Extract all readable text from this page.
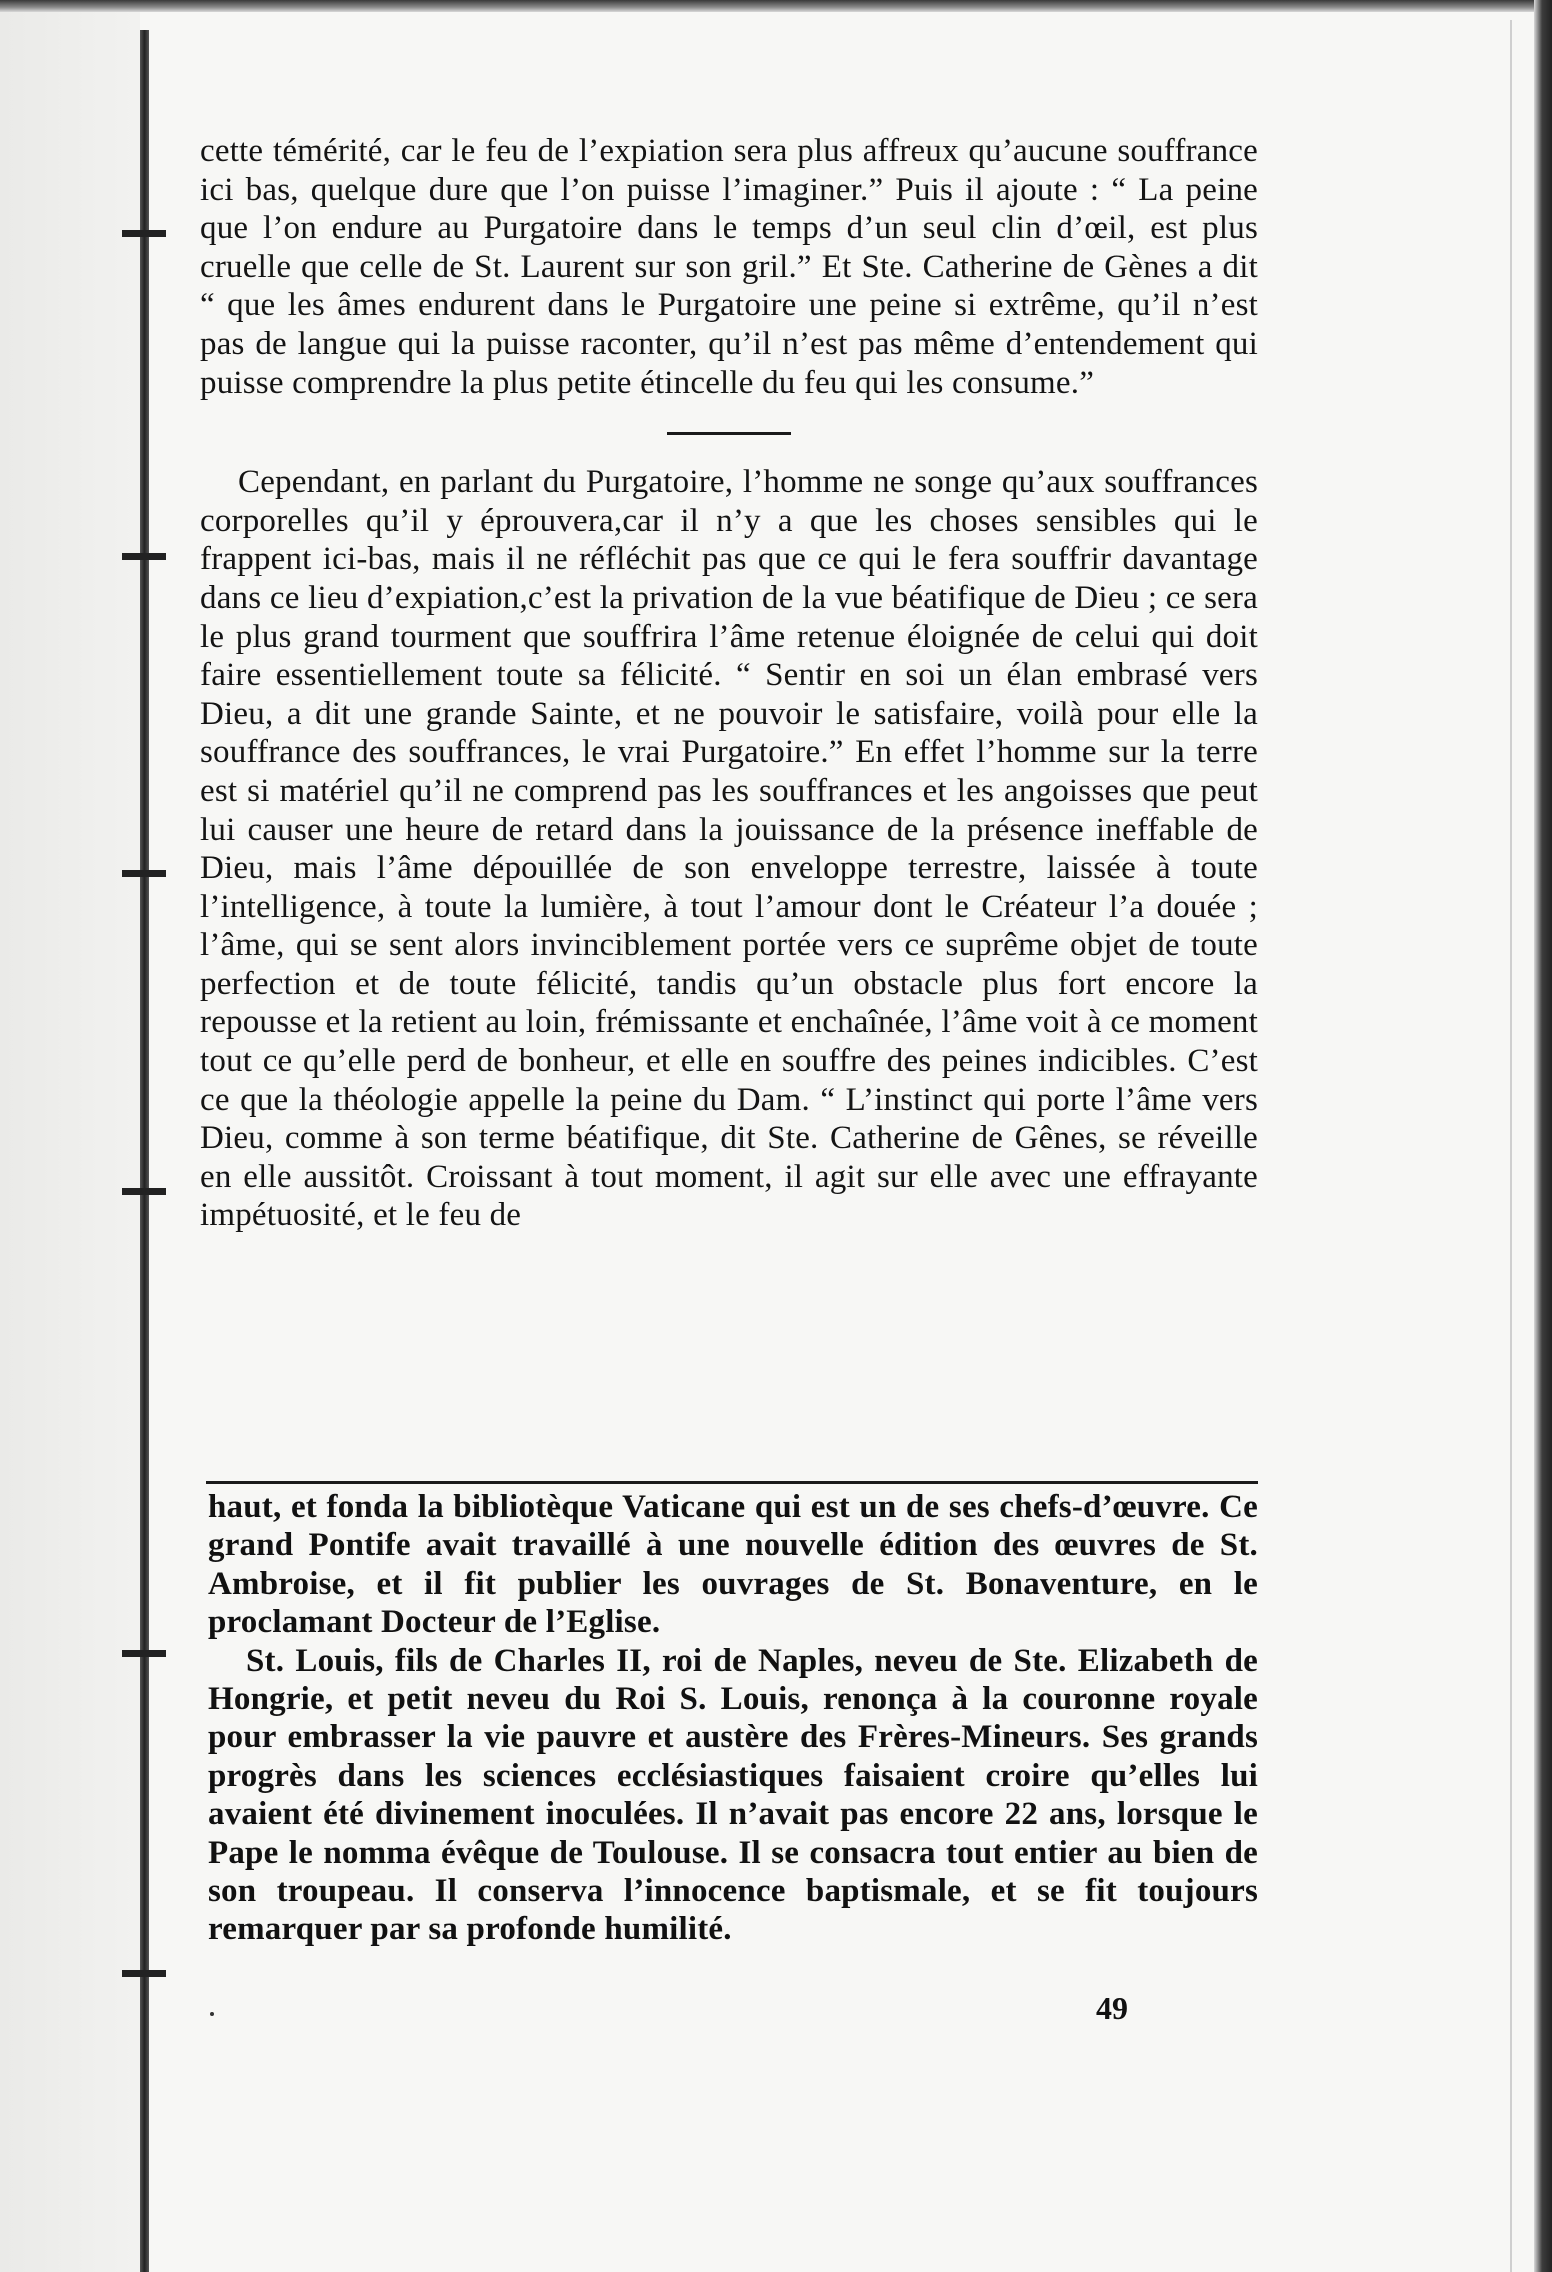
cette témérité, car le feu de l’expiation sera plus affreux qu’aucune souffrance ici bas, quelque dure que l’on puisse l’imaginer.” Puis il ajoute : “ La peine que l’on endure au Purgatoire dans le temps d’un seul clin d’œil, est plus cruelle que celle de St. Laurent sur son gril.” Et Ste. Catherine de Gènes a dit “ que les âmes endurent dans le Purgatoire une peine si extrême, qu’il n’est pas de langue qui la puisse raconter, qu’il n’est pas même d’entendement qui puisse comprendre la plus petite étincelle du feu qui les consume.”

Cependant, en parlant du Purgatoire, l’homme ne songe qu’aux souffrances corporelles qu’il y éprouvera,car il n’y a que les choses sensibles qui le frappent ici-bas, mais il ne réfléchit pas que ce qui le fera souffrir davantage dans ce lieu d’expiation,c’est la privation de la vue béatifique de Dieu ; ce sera le plus grand tourment que souffrira l’âme retenue éloignée de celui qui doit faire essentiellement toute sa félicité. “ Sentir en soi un élan embrasé vers Dieu, a dit une grande Sainte, et ne pouvoir le satisfaire, voilà pour elle la souffrance des souffrances, le vrai Purgatoire.” En effet l’homme sur la terre est si matériel qu’il ne comprend pas les souffrances et les angoisses que peut lui causer une heure de retard dans la jouissance de la présence ineffable de Dieu, mais l’âme dépouillée de son enveloppe terrestre, laissée à toute l’intelligence, à toute la lumière, à tout l’amour dont le Créateur l’a douée ; l’âme, qui se sent alors invinciblement portée vers ce suprême objet de toute perfection et de toute félicité, tandis qu’un obstacle plus fort encore la repousse et la retient au loin, frémissante et enchaînée, l’âme voit à ce moment tout ce qu’elle perd de bonheur, et elle en souffre des peines indicibles. C’est ce que la théologie appelle la peine du Dam. “ L’instinct qui porte l’âme vers Dieu, comme à son terme béatifique, dit Ste. Catherine de Gênes, se réveille en elle aussitôt. Croissant à tout moment, il agit sur elle avec une effrayante impétuosité, et le feu de

haut, et fonda la bibliotèque Vaticane qui est un de ses chefs-d’œuvre. Ce grand Pontife avait travaillé à une nouvelle édition des œuvres de St. Ambroise, et il fit publier les ouvrages de St. Bonaventure, en le proclamant Docteur de l’Eglise.

St. Louis, fils de Charles II, roi de Naples, neveu de Ste. Elizabeth de Hongrie, et petit neveu du Roi S. Louis, renonça à la couronne royale pour embrasser la vie pauvre et austère des Frères-Mineurs. Ses grands progrès dans les sciences ecclésiastiques faisaient croire qu’elles lui avaient été divinement inoculées. Il n’avait pas encore 22 ans, lorsque le Pape le nomma évêque de Toulouse. Il se consacra tout entier au bien de son troupeau. Il conserva l’innocence baptismale, et se fit toujours remarquer par sa profonde humilité.

49
